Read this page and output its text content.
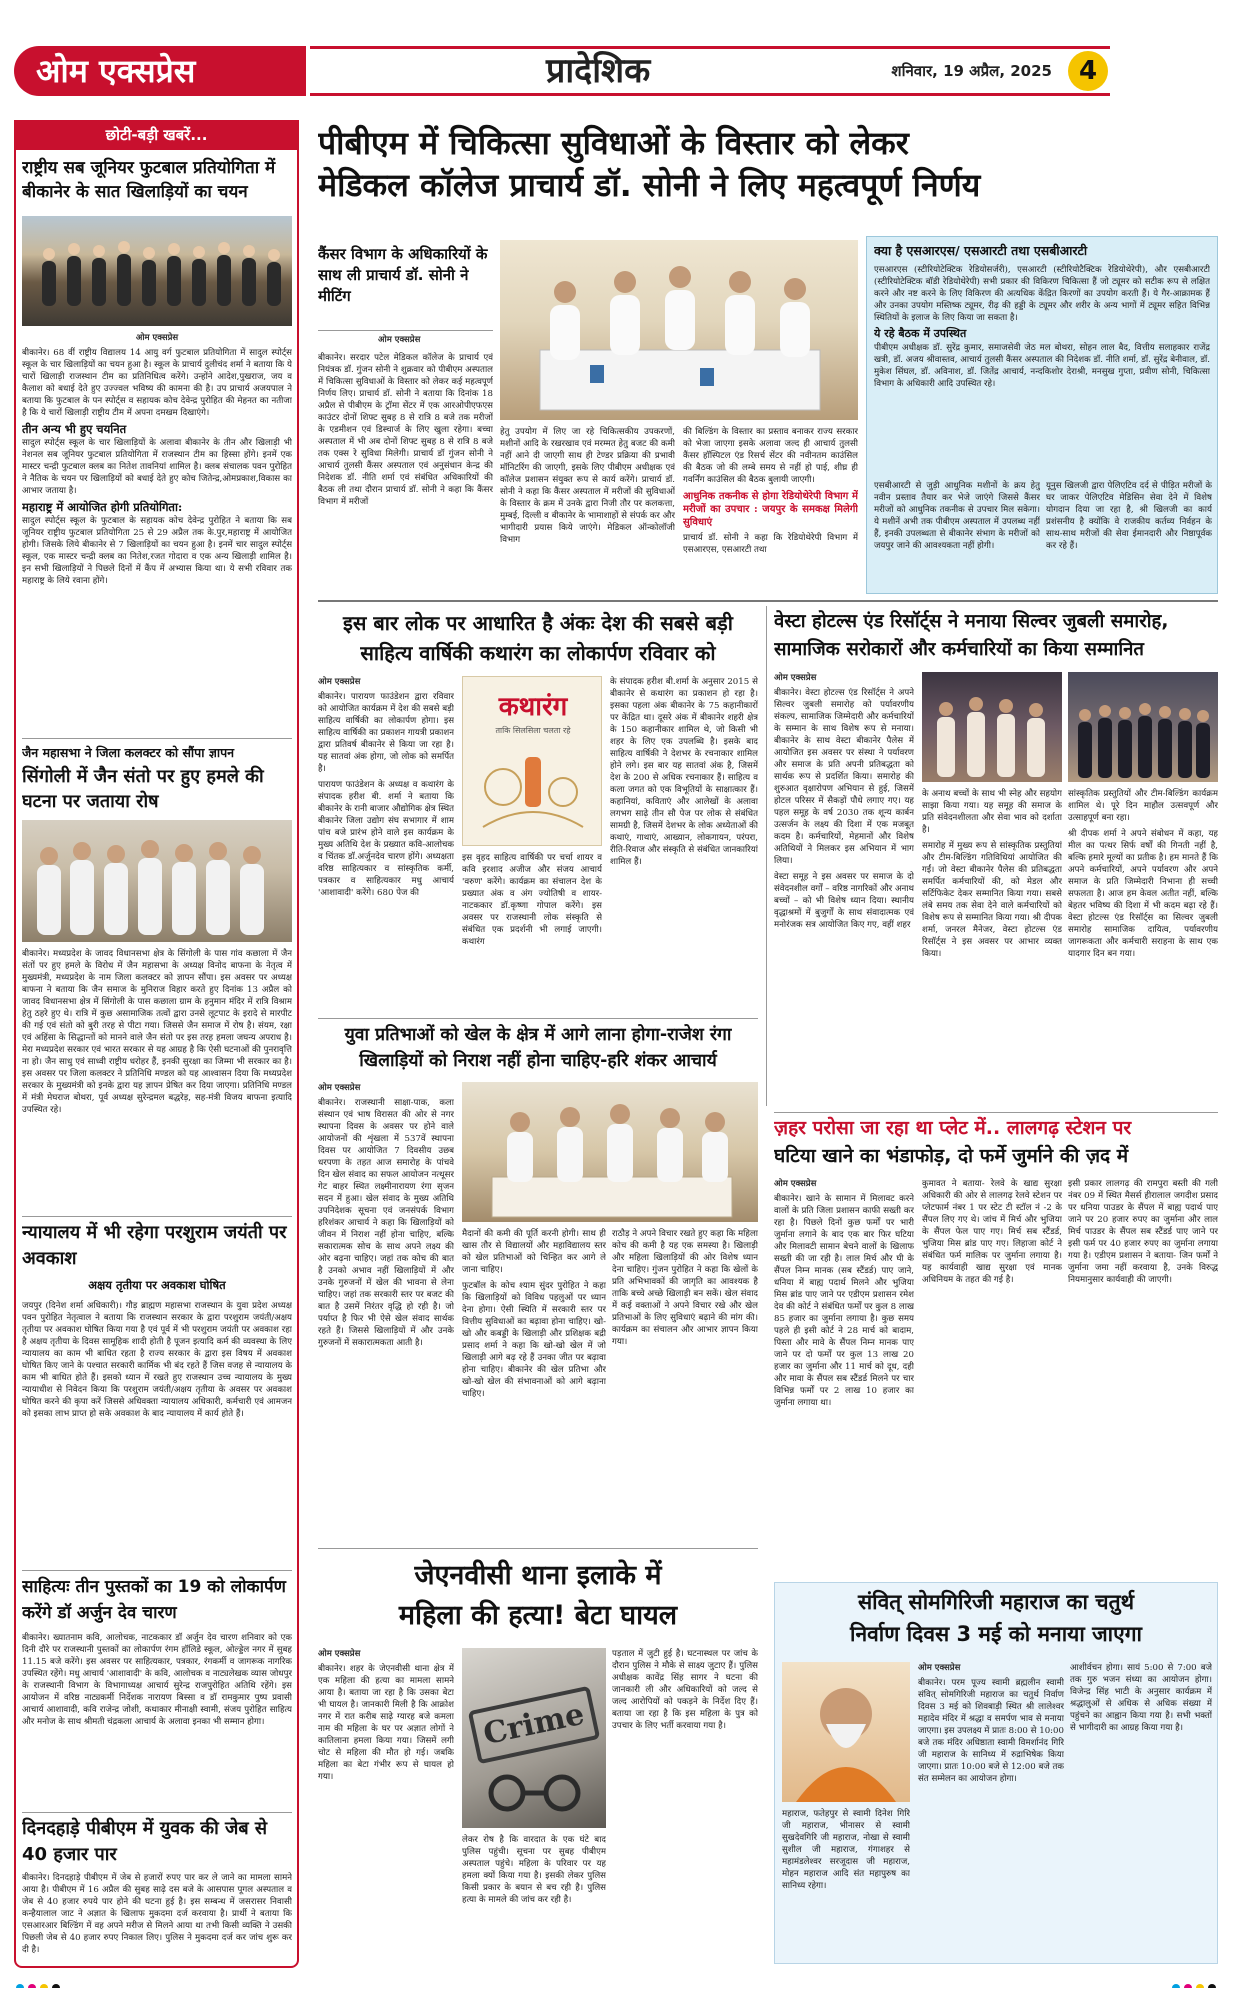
ओम एक्सप्रेस	प्रादेशिक	शनिवार, 19 अप्रैल, 2025	4
छोटी-बड़ी खबरें...
राष्ट्रीय सब जूनियर फुटबाल प्रतियोगिता में बीकानेर के सात खिलाड़ियों का चयन
ओम एक्सप्रेस

बीकानेर। 68 वीं राष्ट्रीय विद्यालय 14 आयु वर्ग फुटबाल प्रतियोगिता में सादुल स्पोर्ट्स स्कूल के चार खिलाड़ियों का चयन हुआ है। स्कूल के प्राचार्य दुलीचंद शर्मा ने बताया कि ये चारों खिलाड़ी राजस्थान टीम का प्रतिनिधित्व करेंगे। उन्होंने आदेश,पुखराज, जय व कैलाश को बधाई देते हुए उज्ज्वल भविष्य की कामना की है। उप प्राचार्य अजयपाल ने बताया कि फुटबाल के पन स्पोर्ट्स व सहायक कोच देवेन्द्र पुरोहित की मेहनत का नतीजा है कि ये चारों खिलाड़ी राष्ट्रीय टीम में अपना दमखम दिखाएंगे।

तीन अन्य भी हुए चयनित

सादुल स्पोर्ट्स स्कूल के चार खिलाड़ियों के अलावा बीकानेर के तीन और खिलाड़ी भी नेशनल सब जूनियर फुटबाल प्रतियोगिता में राजस्थान टीम का हिस्सा होंगे। इनमें एक मास्टर चन्द्री फुटबाल क्लब का नितेश तावनियां शामिल है। क्लब संचालक पवन पुरोहित ने नैतिक के चयन पर खिलाड़ियों को बधाई देते हुए कोच जितेन्द्र,ओमप्रकाश,विकास का आभार जताया है।

महाराष्ट्र में आयोजित होगी प्रतियोगिता:

सादुल स्पोर्ट्स स्कूल के फुटबाल के सहायक कोच देवेन्द्र पुरोहित ने बताया कि सब जूनियर राष्ट्रीय फुटबाल प्रतियोगिता 25 से 29 अप्रैल तक के.पुर,महाराष्ट्र में आयोजित होगी। जिसके लिये बीकानेर से 7 खिलाड़ियों का चयन हुआ है। इनमें चार सादुल स्पोर्ट्स स्कूल, एक मास्टर चन्द्री क्लब का नितेश,रजत गोदारा व एक अन्य खिलाड़ी शामिल है। इन सभी खिलाड़ियों ने पिछले दिनों में कैंप में अभ्यास किया था। ये सभी रविवार तक महाराष्ट्र के लिये रवाना होंगे।

जैन महासभा ने जिला कलक्टर को सौंपा ज्ञापन
सिंगोली में जैन संतो पर हुए हमले की घटना पर जताया रोष

बीकानेर। मध्यप्रदेश के जावद विधानसभा क्षेत्र के सिंगोली के पास गांव कछाला में जैन संतों पर हुए हमले के विरोध में जैन महासभा के अध्यक्ष विनोद बाफना के नेतृत्व में मुख्यमंत्री, मध्यप्रदेश के नाम जिला कलक्टर को ज्ञापन सौंपा। इस अवसर पर अध्यक्ष बाफना ने बताया कि जैन समाज के मुनिराज विहार करते हुए दिनांक 13 अप्रैल को जावद विधानसभा क्षेत्र में सिंगोली के पास कछाला ग्राम के हनुमान मंदिर में रात्रि विश्राम हेतु ठहरे हुए थे। रात्रि में कुछ असामाजिक तत्वों द्वारा उनसे लूटपाट के इरादे से मारपीट की गई एवं संतो को बुरी तरह से पीटा गया। जिससे जैन समाज में रोष है। संयम, रक्षा एवं अहिंसा के सिद्धान्तों को मानने वाले जैन संतो पर इस तरह हमला जघन्य अपराध है। मेरा मध्यप्रदेश सरकार एवं भारत सरकार से यह आग्रह है कि ऐसी घटनाओं की पुनरावृत्ति ना हो। जैन साधु एवं साध्वी राष्ट्रीय धरोहर हैं, इनकी सुरक्षा का जिम्मा भी सरकार का है। इस अवसर पर जिला कलक्टर ने प्रतिनिधि मण्डल को यह आश्वासन दिया कि मध्यप्रदेश सरकार के मुख्यमंत्री को इनके द्वारा यह ज्ञापन प्रेषित कर दिया जाएगा। प्रतिनिधि मण्डल में मंत्री मेघराज बोथरा, पूर्व अध्यक्ष सुरेन्द्रमल बद्धरेड़, सह-मंत्री विजय बाफना इत्यादि उपस्थित रहे।

न्यायालय में भी रहेगा परशुराम जयंती पर अवकाश
अक्षय तृतीया पर अवकाश घोषित

जयपुर (दिनेश शर्मा अधिकारी)। गौड़ ब्राह्मण महासभा राजस्थान के युवा प्रदेश अध्यक्ष पवन पुरोहित नेतृत्वाल ने बताया कि राजस्थान सरकार के द्वारा परशुराम जयंती/अक्षय तृतीया पर अवकाश घोषित किया गया है एवं पूर्व में भी परशुराम जयंती पर अवकाश रहा है अक्षय तृतीया के दिवस सामूहिक शादी होती है पूजन इत्यादि कर्म की व्यवस्था के लिए न्यायालय का काम भी बाधित रहता है राज्य सरकार के द्वारा इस विषय में अवकाश घोषित किए जाने के पश्चात सरकारी कार्मिक भी बंद रहते हैं जिस वजह से न्यायालय के काम भी बाधित होते हैं। इसको ध्यान में रखते हुए राजस्थान उच्च न्यायालय के मुख्य न्यायाधीश से निवेदन किया कि परशुराम जयंती/अक्षय तृतीया के अवसर पर अवकाश घोषित करने की कृपा करें जिससे अधिवक्ता न्यायालय अधिकारी, कर्मचारी एवं आमजन को इसका लाभ प्राप्त हो सके अवकाश के बाद न्यायालय में कार्य होते हैं।

साहित्यः तीन पुस्तकों का 19 को लोकार्पण करेंगे डॉ अर्जुन देव चारण

बीकानेर। ख्यातनाम कवि, आलोचक, नाटककार डॉ अर्जुन देव चारण शनिवार को एक दिनी दौरे पर राजस्थानी पुस्तकों का लोकार्पण रंगम हॉलिडे स्कूल, ओल्ड्डेल नगर में सुबह 11.15 बजे करेंगे। इस अवसर पर साहित्यकार, पत्रकार, रंगकर्मी व जागरूक नागरिक उपस्थित रहेंगे। मधु आचार्य 'आशावादी' के कवि, आलोचक व नाट्यलेखक व्यास जोधपुर के राजस्थानी विभाग के विभागाध्यक्ष आचार्य सुरेन्द्र राजपुरोहित अतिथि रहेंगे। इस आयोजन में वरिष्ठ नाट्यकर्मी निर्देशक नारायण बिस्सा व डॉ रामकुमार पुष्प प्रवासी आचार्य आशावादी, कवि राजेन्द्र जोशी, कथाकार मीनाक्षी स्वामी, संजय पुरोहित साहित्य और मनोज के साथ श्रीमती चंद्रकला आचार्य के अलावा इनका भी सम्मान होगा।

दिनदहाड़े पीबीएम में युवक की जेब से 40 हजार पार

बीकानेर। दिनदहाड़े पीबीएम में जेब से हजारों रुपए पार कर ले जाने का मामला सामने आया है। पीबीएम में 16 अप्रैल की सुबह साढ़े दस बजे के आसपास पूगल अस्पताल व जेब से 40 हजार रुपये पार होने की घटना हुई है। इस सम्बन्ध में जसरासर निवासी कन्हैयालाल जाट ने अज्ञात के खिलाफ मुकदमा दर्ज करवाया है। प्रार्थी ने बताया कि एसआरआर बिल्डिंग में वह अपने मरीज से मिलने आया था तभी किसी व्यक्ति ने उसकी पिछली जेब से 40 हजार रुपए निकाल लिए। पुलिस ने मुकदमा दर्ज कर जांच शुरू कर दी है।

पीबीएम में चिकित्सा सुविधाओं के विस्तार को लेकर
मेडिकल कॉलेज प्राचार्य डॉ. सोनी ने लिए महत्वपूर्ण निर्णय
कैंसर विभाग के अधिकारियों के साथ ली प्राचार्य डॉ. सोनी ने मीटिंग
ओम एक्सप्रेस

बीकानेर। सरदार पटेल मेडिकल कॉलेज के प्राचार्य एवं नियंत्रक डॉ. गुंजन सोनी ने शुक्रवार को पीबीएम अस्पताल में चिकित्सा सुविधाओं के विस्तार को लेकर कई महत्वपूर्ण निर्णय लिए। प्राचार्य डॉ. सोनी ने बताया कि दिनांक 18 अप्रैल से पीबीएम के ट्रॉमा सेंटर में एक आरओपीएफएस काउंटर दोनों शिफ्ट सुबह 8 से रात्रि 8 बजे तक मरीजों के एडमीशन एवं डिस्चार्ज के लिए खुला रहेगा। बच्चा अस्पताल में भी अब दोनों शिफ्ट सुबह 8 से रात्रि 8 बजे तक एक्स रे सुविधा मिलेगी। प्राचार्य डॉ गुंजन सोनी ने आचार्य तुलसी कैंसर अस्पताल एवं अनुसंधान केन्द्र की निदेशक डॉ. नीति शर्मा एवं संबंधित अधिकारियों की बैठक ली तथा दौरान प्राचार्य डॉ. सोनी ने कहा कि कैंसर विभाग में मरीजों

हेतु उपयोग में लिए जा रहे चिकित्सकीय उपकरणों, मशीनों आदि के रखरखाव एवं मरम्मत हेतु बजट की कमी नहीं आने दी जाएगी साथ ही टेण्डर प्रक्रिया की प्रभावी मॉनिटरिंग की जाएगी, इसके लिए पीबीएम अधीक्षक एवं कॉलेज प्रशासन संयुक्त रूप से कार्य करेंगे। प्राचार्य डॉ. सोनी ने कहा कि कैंसर अस्पताल में मरीजों की सुविधाओं के विस्तार के क्रम में उनके द्वारा निजी तौर पर कलकत्ता, मुम्बई, दिल्ली व बीकानेर के भामाशाहों से संपर्क कर और भागीदारी प्रयास किये जाएंगे। मेडिकल ऑन्कोलॉजी विभाग

की बिल्डिंग के विस्तार का प्रस्ताव बनाकर राज्य सरकार को भेजा जाएगा इसके अलावा जल्द ही आचार्य तुलसी कैंसर हॉस्पिटल एंड रिसर्च सेंटर की नवीनतम काउंसिल की बैठक जो की लम्बे समय से नहीं हो पाई, शीघ्र ही गवर्निंग काउंसिल की बैठक बुलायी जाएगी।

आधुनिक तकनीक से होगा रेडियोथेरेपी विभाग में मरीजों का उपचार : जयपुर के समकक्ष मिलेगी सुविधाएं

प्राचार्य डॉ. सोनी ने कहा कि रेडियोथेरेपी विभाग में एसआरएस, एसआरटी तथा

क्या है एसआरएस/ एसआरटी तथा एसबीआरटी

एसआरएस (स्टीरियोटेक्टिक रेडियोसर्जरी), एसआरटी (स्टीरियोटैक्टिक रेडियोथेरेपी), और एसबीआरटी (स्टीरियोटेक्टिक बॉडी रेडियोथेरेपी) सभी प्रकार की विकिरण चिकित्सा हैं जो ट्यूमर को सटीक रूप से लक्षित करने और नष्ट करने के लिए विकिरण की अत्यधिक केंद्रित किरणों का उपयोग करती हैं। ये गैर-आक्रामक हैं और उनका उपयोग मस्तिष्क ट्यूमर, रीढ़ की हड्डी के ट्यूमर और शरीर के अन्य भागों में ट्यूमर सहित विभिन्न स्थितियों के इलाज के लिए किया जा सकता है।

ये रहे बैठक में उपस्थित

पीबीएम अधीक्षक डॉ. सुरेंद्र कुमार, समाजसेवी जेठ मल बोथरा, सोहन लाल बैद, वित्तीय सलाहकार राजेंद्र खत्री, डॉ. अजय श्रीवास्तव, आचार्य तुलसी कैंसर अस्पताल की निदेशक डॉ. नीति शर्मा, डॉ. सुरेंद्र बेनीवाल, डॉ. मुकेश सिंघल, डॉ. अविनाश, डॉ. जितेंद्र आचार्य, नन्दकिशोर देराश्री, मनसुख गुप्ता, प्रवीण सोनी, चिकित्सा विभाग के अधिकारी आदि उपस्थित रहे।

एसबीआरटी से जुड़ी आधुनिक मशीनों के क्रय हेतु नवीन प्रस्ताव तैयार कर भेजे जाएंगे जिससे कैंसर मरीजों को आधुनिक तकनीक से उपचार मिल सकेगा। ये मशीनें अभी तक पीबीएम अस्पताल में उपलब्ध नहीं हैं, इनकी उपलब्धता से बीकानेर संभाग के मरीजों को जयपुर जाने की आवश्यकता नहीं होगी।

यूनुस खिलजी द्वारा पेलिएटिव दर्द से पीड़ित मरीजों के घर जाकर पेलिएटिव मेडिसिन सेवा देने में विशेष योगदान दिया जा रहा है, श्री खिलजी का कार्य प्रशंसनीय है क्योंकि वे राजकीय कर्तव्य निर्वहन के साथ-साथ मरीजों की सेवा ईमानदारी और निष्ठापूर्वक कर रहे हैं।

इस बार लोक पर आधारित है अंकः देश की सबसे बड़ी
साहित्य वार्षिकी कथारंग का लोकार्पण रविवार को
ओम एक्सप्रेस

बीकानेर। पारायण फाउंडेशन द्वारा रविवार को आयोजित कार्यक्रम में देश की सबसे बड़ी साहित्य वार्षिकी का लोकार्पण होगा। इस साहित्य वार्षिकी का प्रकाशन गायत्री प्रकाशन द्वारा प्रतिवर्ष बीकानेर से किया जा रहा है। यह सातवां अंक होगा, जो लोक को समर्पित है।

पारायण फाउंडेशन के अध्यक्ष व कथारंग के संपादक हरीश बी. शर्मा ने बताया कि बीकानेर के रानी बाजार औद्योगिक क्षेत्र स्थित बीकानेर जिला उद्योग संघ सभागार में शाम पांच बजे प्रारंभ होने वाले इस कार्यक्रम के मुख्य अतिथि देश के प्रख्यात कवि-आलोचक व चिंतक डॉ.अर्जुनदेव चारण होंगे। अध्यक्षता वरिष्ठ साहित्यकार व सांस्कृतिक कर्मी, पत्रकार व साहित्यकार मधु आचार्य 'आशावादी' करेंगे। 680 पेज की

कथारंग
ताकि सिलसिला चलता रहे

इस वृहद साहित्य वार्षिकी पर चर्चा शायर व कवि इरशाद अजीज और संजय आचार्य 'वरुण' करेंगे। कार्यक्रम का संचालन देश के प्रख्यात अंक व अंग ज्योतिषी व शायर-नाटककार डॉ.कृष्णा गोपाल करेंगे। इस अवसर पर राजस्थानी लोक संस्कृति से संबंधित एक प्रदर्शनी भी लगाई जाएगी। कथारंग

के संपादक हरीश बी.शर्मा के अनुसार 2015 से बीकानेर से कथारंग का प्रकाशन हो रहा है। इसका पहला अंक बीकानेर के 75 कहानीकारों पर केंद्रित था। दूसरे अंक में बीकानेर शहरी क्षेत्र के 150 कहानीकार शामिल थे, जो किसी भी शहर के लिए एक उपलब्धि है। इसके बाद साहित्य वार्षिकी ने देशभर के रचनाकार शामिल होने लगे। इस बार यह सातवां अंक है, जिसमें देश के 200 से अधिक रचनाकार हैं। साहित्य व कला जगत को एक विभूतियों के साक्षात्कार हैं। कहानियां, कविताएं और आलेखों के अलावा लगभग साढ़े तीन सौ पेज पर लोक से संबंधित सामग्री है, जिसमें देशभर के लोक अध्येताओं की कथाएं, गाथाएं, आख्यान, लोकगायन, परंपरा, रीति-रिवाज और संस्कृति से संबंधित जानकारियां शामिल हैं।

वेस्टा होटल्स एंड रिसॉर्ट्स ने मनाया सिल्वर जुबली समारोह,
सामाजिक सरोकारों और कर्मचारियों का किया सम्मानित
ओम एक्सप्रेस

बीकानेर। वेस्टा होटल्स एंड रिसॉर्ट्स ने अपने सिल्वर जुबली समारोह को पर्यावरणीय संकल्प, सामाजिक जिम्मेदारी और कर्मचारियों के सम्मान के साथ विशेष रूप से मनाया। बीकानेर के साथ वेस्टा बीकानेर पैलेस में आयोजित इस अवसर पर संस्था ने पर्यावरण और समाज के प्रति अपनी प्रतिबद्धता को सार्थक रूप से प्रदर्शित किया। समारोह की शुरुआत वृक्षारोपण अभियान से हुई, जिसमें होटल परिसर में सैकड़ों पौधे लगाए गए। यह पहल समूह के वर्ष 2030 तक शून्य कार्बन उत्सर्जन के लक्ष्य की दिशा में एक मजबूत कदम है। कर्मचारियों, मेहमानों और विशेष अतिथियों ने मिलकर इस अभियान में भाग लिया।

वेस्टा समूह ने इस अवसर पर समाज के दो संवेदनशील वर्गों – वरिष्ठ नागरिकों और अनाथ बच्चों – को भी विशेष ध्यान दिया। स्थानीय वृद्धाश्रमों में बुजुर्गों के साथ संवादात्मक एवं मनोरंजक सत्र आयोजित किए गए, वहीं शहर

के अनाथ बच्चों के साथ भी स्नेह और सहयोग साझा किया गया। यह समूह की समाज के प्रति संवेदनशीलता और सेवा भाव को दर्शाता है।

समारोह में मुख्य रूप से सांस्कृतिक प्रस्तुतियां और टीम-बिल्डिंग गतिविधियां आयोजित की गईं। जो वेस्टा बीकानेर पैलेस की प्रतिबद्धता समर्पित कर्मचारियों की, को मेडल और सर्टिफिकेट देकर सम्मानित किया गया। सबसे लंबे समय तक सेवा देने वाले कर्मचारियों को विशेष रूप से सम्मानित किया गया। श्री दीपक शर्मा, जनरल मैनेजर, वेस्टा होटल्स एंड रिसॉर्ट्स ने इस अवसर पर आभार व्यक्त किया।

सांस्कृतिक प्रस्तुतियों और टीम-बिल्डिंग कार्यक्रम शामिल थे। पूरे दिन माहौल उत्सवपूर्ण और उत्साहपूर्ण बना रहा।

श्री दीपक शर्मा ने अपने संबोधन में कहा, यह मील का पत्थर सिर्फ वर्षों की गिनती नहीं है, बल्कि हमारे मूल्यों का प्रतीक है। हम मानते हैं कि अपने कर्मचारियों, अपने पर्यावरण और अपने समाज के प्रति जिम्मेदारी निभाना ही सच्ची सफलता है। आज हम केवल अतीत नहीं, बल्कि बेहतर भविष्य की दिशा में भी कदम बढ़ा रहे हैं। वेस्टा होटल्स एंड रिसॉर्ट्स का सिल्वर जुबली समारोह सामाजिक दायित्व, पर्यावरणीय जागरूकता और कर्मचारी सराहना के साथ एक यादगार दिन बन गया।

युवा प्रतिभाओं को खेल के क्षेत्र में आगे लाना होगा-राजेश रंगा
खिलाड़ियों को निराश नहीं होना चाहिए-हरि शंकर आचार्य
ओम एक्सप्रेस

बीकानेर। राजस्थानी साक्षा-पाक, कला संस्थान एवं भाष विरासत की ओर से नगर स्थापना दिवस के अवसर पर होने वाले आयोजनों की शृंखला में 537वें स्थापना दिवस पर आयोजित 7 दिवसीय उछब धरपणा के तहत आज समारोह के पांचवे दिन खेल संवाद का सफल आयोजन नत्थूसर गेट बाहर स्थित लक्ष्मीनारायण रंगा सृजन सदन में हुआ। खेल संवाद के मुख्य अतिथि उपनिदेशक सूचना एवं जनसंपर्क विभाग हरिशंकर आचार्य ने कहा कि खिलाड़ियों को जीवन में निराश नहीं होना चाहिए, बल्कि सकारात्मक सोच के साथ अपने लक्ष्य की ओर बढ़ना चाहिए। जहां तक कोच की बात है उनको अभाव नहीं खिलाड़ियों में और उनके गुरुजनों में खेल की भावना से लेना चाहिए। जहां तक सरकारी स्तर पर बजट की बात है उसमें निरंतर वृद्धि हो रही है। जो पर्याप्त है फिर भी ऐसे खेल संवाद सार्थक रहते हैं। जिससे खिलाड़ियों में और उनके गुरुजनों में सकारात्मकता आती है।

मैदानों की कमी की पूर्ति करनी होगी। साथ ही खास तौर से विद्यालयों और महाविद्यालय स्तर को खेल प्रतिभाओं को चिन्हित कर आगे ले जाना चाहिए।

फुटबॉल के कोच श्याम सुंदर पुरोहित ने कहा कि खिलाड़ियों को विविध पहलुओं पर ध्यान देना होगा। ऐसी स्थिति में सरकारी स्तर पर वित्तीय सुविधाओं का बढ़ावा होना चाहिए। खो-खो और कबड्डी के खिलाड़ी और प्रशिक्षक बद्री प्रसाद शर्मा ने कहा कि खो-खो खेल में जो खिलाड़ी आगे बढ़ रहे हैं उनका जीत पर बढ़ावा होना चाहिए। बीकानेर की खेल प्रतिभा और खो-खो खेल की संभावनाओं को आगे बढ़ाना चाहिए।

राठौड़ ने अपने विचार रखते हुए कहा कि महिला कोच की कमी है यह एक समस्या है। खिलाड़ी और महिला खिलाड़ियों की ओर विशेष ध्यान देना चाहिए। गुंजन पुरोहित ने कहा कि खेलों के प्रति अभिभावकों की जागृति का आवश्यक है ताकि बच्चे अच्छे खिलाड़ी बन सकें। खेल संवाद में कई वक्ताओं ने अपने विचार रखे और खेल प्रतिभाओं के लिए सुविधाएं बढ़ाने की मांग की। कार्यक्रम का संचालन और आभार ज्ञापन किया गया।

ज़हर परोसा जा रहा था प्लेट में.. लालगढ़ स्टेशन पर
घटिया खाने का भंडाफोड़, दो फर्मे जुर्माने की ज़द में
ओम एक्सप्रेस

बीकानेर। खाने के सामान में मिलावट करने वालों के प्रति जिला प्रशासन काफी सख्ती कर रहा है। पिछले दिनों कुछ फर्मों पर भारी जुर्माना लगाने के बाद एक बार फिर घटिया और मिलावटी सामान बेचने वालों के खिलाफ सख्ती की जा रही है। लाल मिर्च और घी के सैंपल निम्न मानक (सब स्टैंडर्ड) पाए जाने, धनिया में बाह्य पदार्थ मिलने और भुजिया मिस ब्रांड पाए जाने पर एडीएम प्रशासन रमेश देव की कोर्ट ने संबंधित फर्मों पर कुल 8 लाख 85 हजार का जुर्माना लगाया है। कुछ समय पहले ही इसी कोर्ट ने 28 मार्च को बादाम, पिस्ता और मावे के सैंपल निम्न मानक पाए जाने पर दो फर्मों पर कुल 13 लाख 20 हजार का जुर्माना और 11 मार्च को दूध, दही और मावा के सैंपल सब स्टैंडर्ड मिलने पर चार विभिन्न फर्मों पर 2 लाख 10 हजार का जुर्माना लगाया था।

कुमावत ने बताया- रेलवे के खाद्य सुरक्षा अधिकारी की ओर से लालगढ़ रेलवे स्टेशन पर प्लेटफार्म नंबर 1 पर स्टेट टी स्टॉल नं -2 के सैंपल लिए गए थे। जांच में मिर्च और भुजिया के सैंपल फेल पाए गए। मिर्च सब स्टैंडर्ड, भुजिया मिस ब्रांड पाए गए। लिहाजा कोर्ट ने संबंधित फर्म मालिक पर जुर्माना लगाया है। यह कार्यवाही खाद्य सुरक्षा एवं मानक अधिनियम के तहत की गई है।

इसी प्रकार लालगढ़ की रामपुरा बस्ती की गली नंबर 09 में स्थित मैसर्स हीरालाल जगदीश प्रसाद पर धनिया पाउडर के सैंपल में बाह्य पदार्थ पाए जाने पर 20 हजार रुपए का जुर्माना और लाल मिर्च पाउडर के सैंपल सब स्टैंडर्ड पाए जाने पर इसी फर्म पर 40 हजार रुपए का जुर्माना लगाया गया है। एडीएम प्रशासन ने बताया- जिन फर्मों ने जुर्माना जमा नहीं करवाया है, उनके विरुद्ध नियमानुसार कार्यवाही की जाएगी।

जेएनवीसी थाना इलाके में
महिला की हत्या! बेटा घायल
ओम एक्सप्रेस

बीकानेर। शहर के जेएनवीसी थाना क्षेत्र में एक महिला की हत्या का मामला सामने आया है। बताया जा रहा है कि उसका बेटा भी घायल है। जानकारी मिली है कि आक्रोश नगर में रात करीब साढ़े ग्यारह बजे कमला नाम की महिला के घर पर अज्ञात लोगों ने कातिलाना हमला किया गया। जिसमें लगी चोट से महिला की मौत हो गई। जबकि महिला का बेटा गंभीर रूप से घायल हो गया।

Crime

लेकर रोष है कि वारदात के एक घंटे बाद पुलिस पहुंची। सूचना पर सुबह पीबीएम अस्पताल पहुंचे। महिला के परिवार पर यह हमला क्यों किया गया है। इसकी लेकर पुलिस किसी प्रकार के बयान से बच रही है। पुलिस हत्या के मामले की जांच कर रही है।

पड़ताल में जुटी हुई है। घटनास्थल पर जांच के दौरान पुलिस ने मौके से साक्ष्य जुटाए हैं। पुलिस अधीक्षक कावेंद्र सिंह सागर ने घटना की जानकारी ली और अधिकारियों को जल्द से जल्द आरोपियों को पकड़ने के निर्देश दिए हैं। बताया जा रहा है कि इस महिला के पुत्र को उपचार के लिए भर्ती करवाया गया है।

संवित् सोमगिरिजी महाराज का चतुर्थ
निर्वाण दिवस 3 मई को मनाया जाएगा
ओम एक्सप्रेस

बीकानेर। परम पूज्य स्वामी ब्रह्मलीन स्वामी संवित् सोमगिरिजी महाराज का चतुर्थ निर्वाण दिवस 3 मई को शिवबाड़ी स्थित श्री लालेश्वर महादेव मंदिर में श्रद्धा व समर्पण भाव से मनाया जाएगा। इस उपलक्ष्य में प्रातः 8:00 से 10:00 बजे तक मंदिर अधिष्ठाता स्वामी विमर्शानंद गिरि जी महाराज के सानिध्य में रुद्राभिषेक किया जाएगा। प्रातः 10:00 बजे से 12:00 बजे तक संत सम्मेलन का आयोजन होगा।

महाराज, फतेहपुर से स्वामी दिनेश गिरि जी महाराज, भीनासर से स्वामी सुखदेवगिरि जी महाराज, नोखा से स्वामी सुशील जी महाराज, गंगाशहर से महामंडलेश्वर सरजूदास जी महाराज, मोहन महाराज आदि संत महापुरुष का सानिध्य रहेगा।

आशीर्वचन होगा। सायं 5:00 से 7:00 बजे तक गुरु भजन संध्या का आयोजन होगा। विजेन्द्र सिंह भाटी के अनुसार कार्यक्रम में श्रद्धालुओं से अधिक से अधिक संख्या में पहुंचने का आह्वान किया गया है। सभी भक्तों से भागीदारी का आग्रह किया गया है।
